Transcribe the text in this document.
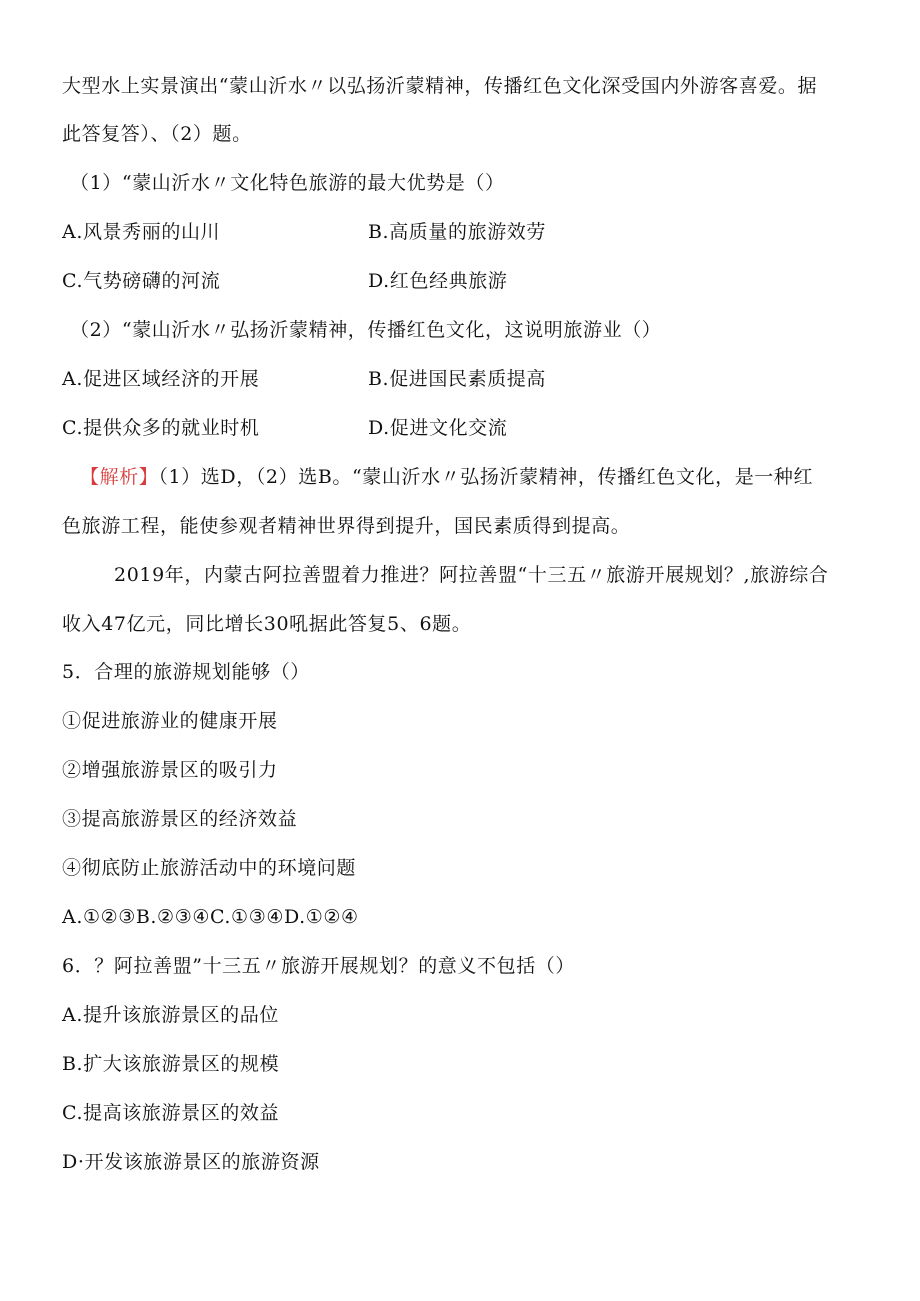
大型水上实景演出“蒙山沂水〃以弘扬沂蒙精神，传播红色文化深受国内外游客喜爱。据
此答复答）、（2）题。
（1）“蒙山沂水〃文化特色旅游的最大优势是（）
A.风景秀丽的山川	B.高质量的旅游效劳
C.气势磅礴的河流	D.红色经典旅游
（2）“蒙山沂水〃弘扬沂蒙精神，传播红色文化，这说明旅游业（）
A.促进区域经济的开展	B.促进国民素质提高
C.提供众多的就业时机	D.促进文化交流
【解析】（1）选D，（2）选B。“蒙山沂水〃弘扬沂蒙精神，传播红色文化，是一种红
色旅游工程，能使参观者精神世界得到提升，国民素质得到提高。
2019年，内蒙古阿拉善盟着力推进？阿拉善盟“十三五〃旅游开展规划？,旅游综合
收入47亿元，同比增长30吼据此答复5、6题。
5．合理的旅游规划能够（）
①促进旅游业的健康开展
②增强旅游景区的吸引力
③提高旅游景区的经济效益
④彻底防止旅游活动中的环境问题
A.①②③B.②③④C.①③④D.①②④
6．？阿拉善盟”十三五〃旅游开展规划？的意义不包括（）
A.提升该旅游景区的品位
B.扩大该旅游景区的规模
C.提高该旅游景区的效益
D·开发该旅游景区的旅游资源
